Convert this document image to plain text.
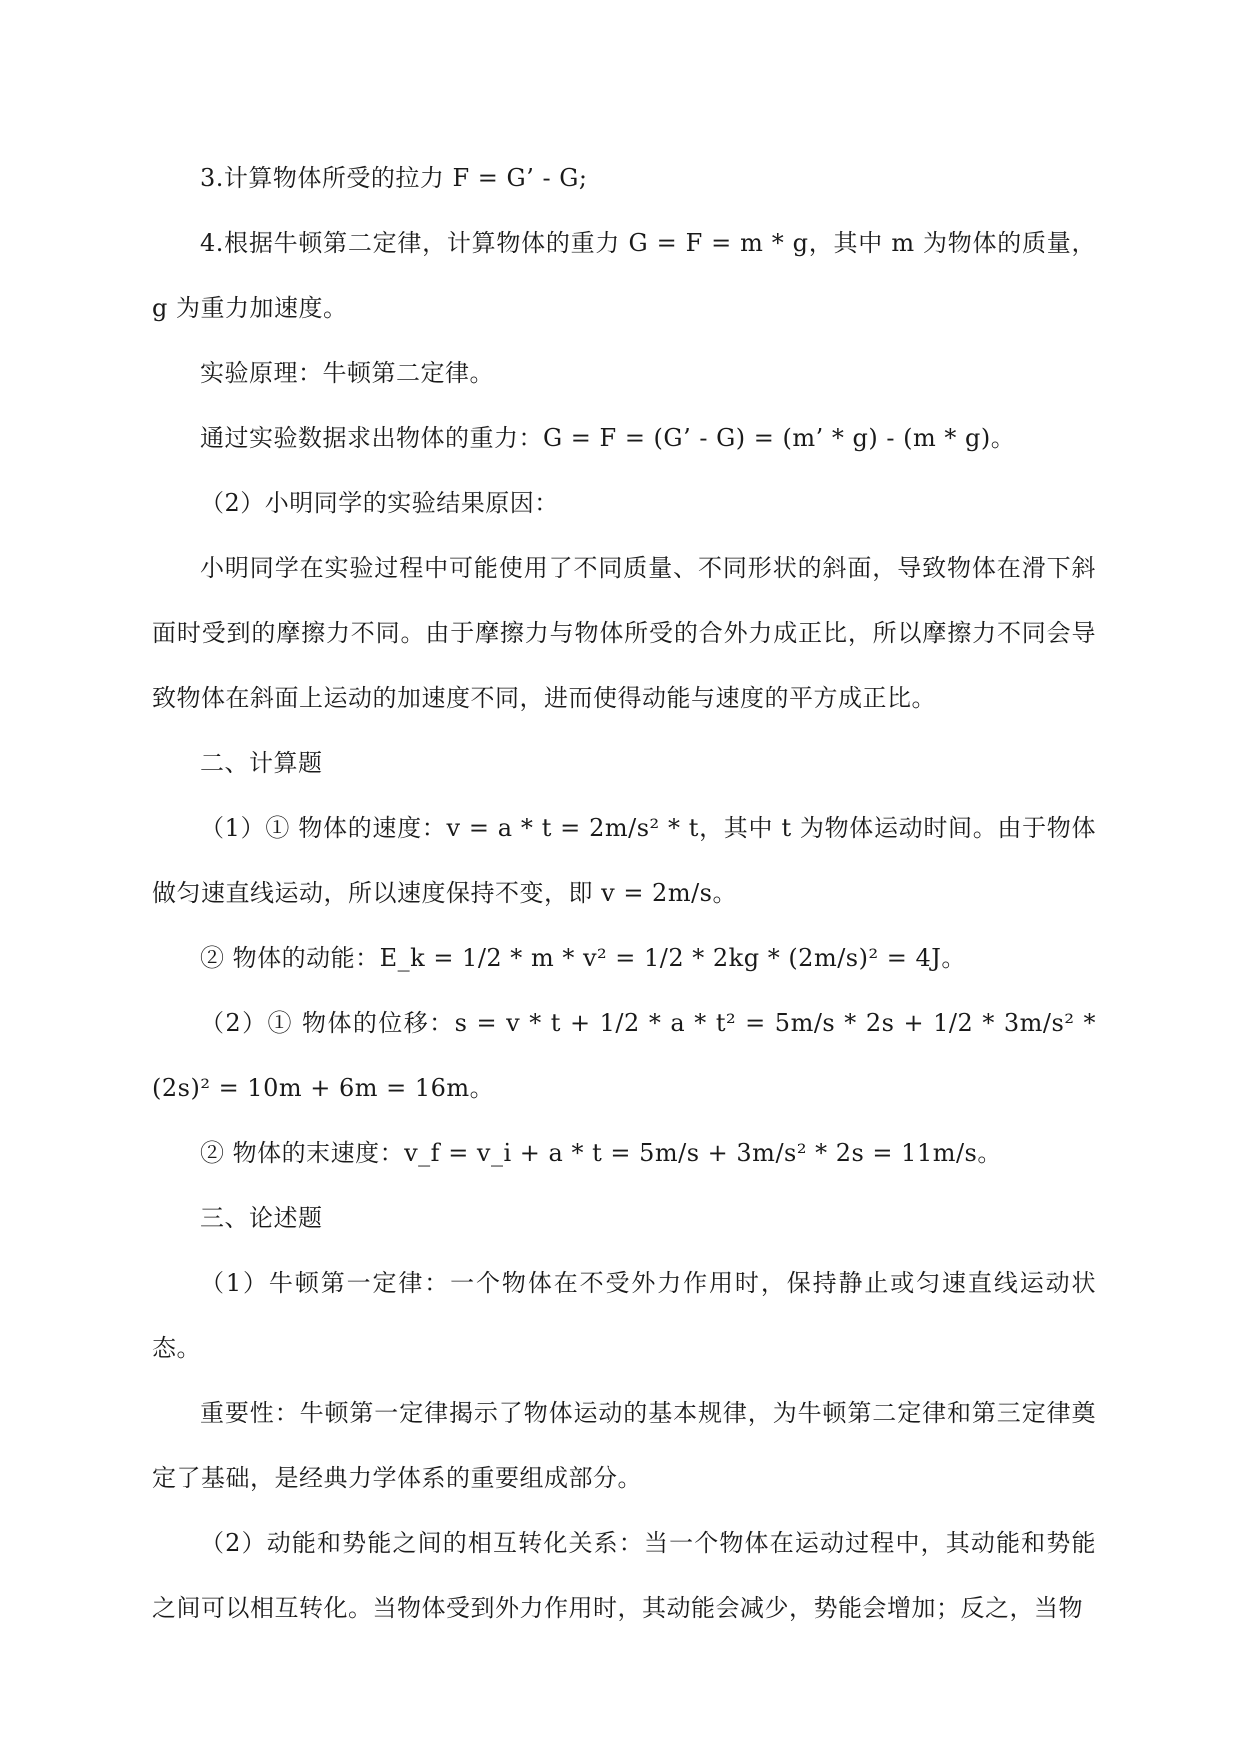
3.计算物体所受的拉力 F = G’ - G;

4.根据牛顿第二定律，计算物体的重力 G = F = m * g，其中 m 为物体的质量，g 为重力加速度。

实验原理：牛顿第二定律。

通过实验数据求出物体的重力：G = F = (G’ - G) = (m’ * g) - (m * g)。

（2）小明同学的实验结果原因：

小明同学在实验过程中可能使用了不同质量、不同形状的斜面，导致物体在滑下斜面时受到的摩擦力不同。由于摩擦力与物体所受的合外力成正比，所以摩擦力不同会导致物体在斜面上运动的加速度不同，进而使得动能与速度的平方成正比。

二、计算题

（1）① 物体的速度：v = a * t = 2m/s² * t，其中 t 为物体运动时间。由于物体做匀速直线运动，所以速度保持不变，即 v = 2m/s。

② 物体的动能：E_k = 1/2 * m * v² = 1/2 * 2kg * (2m/s)² = 4J。

（2）① 物体的位移：s = v * t + 1/2 * a * t² = 5m/s * 2s + 1/2 * 3m/s² * (2s)² = 10m + 6m = 16m。

② 物体的末速度：v_f = v_i + a * t = 5m/s + 3m/s² * 2s = 11m/s。

三、论述题

（1）牛顿第一定律：一个物体在不受外力作用时，保持静止或匀速直线运动状态。

重要性：牛顿第一定律揭示了物体运动的基本规律，为牛顿第二定律和第三定律奠定了基础，是经典力学体系的重要组成部分。

（2）动能和势能之间的相互转化关系：当一个物体在运动过程中，其动能和势能之间可以相互转化。当物体受到外力作用时，其动能会减少，势能会增加；反之，当物
